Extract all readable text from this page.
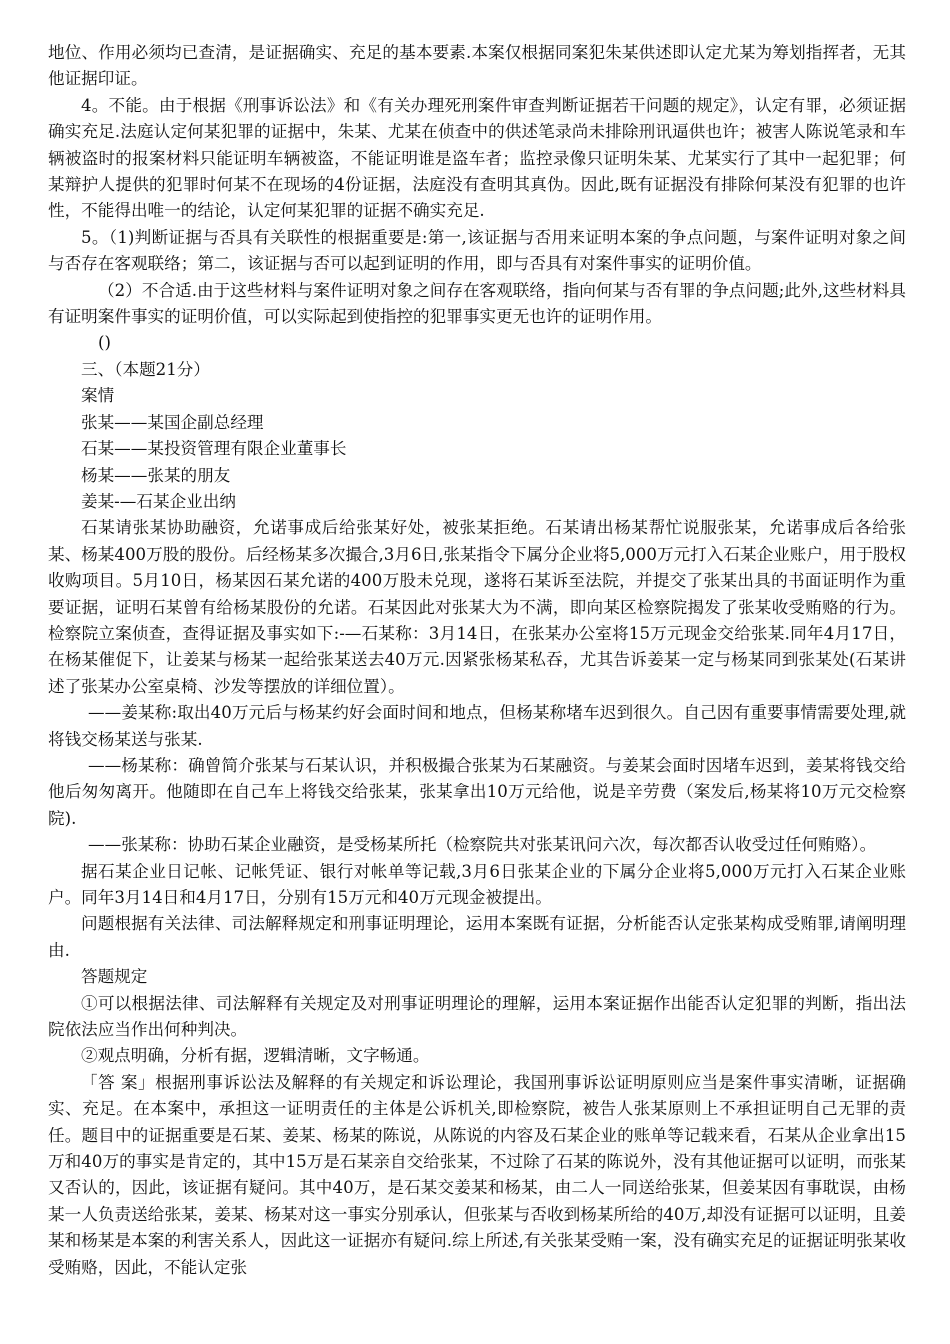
地位、作用必须均已查清，是证据确实、充足的基本要素.本案仅根据同案犯朱某供述即认定尤某为筹划指挥者，无其他证据印证。

4。不能。由于根据《刑事诉讼法》和《有关办理死刑案件审查判断证据若干问题的规定》，认定有罪，必须证据确实充足.法庭认定何某犯罪的证据中，朱某、尤某在侦查中的供述笔录尚未排除刑讯逼供也许；被害人陈说笔录和车辆被盗时的报案材料只能证明车辆被盗，不能证明谁是盗车者；监控录像只证明朱某、尤某实行了其中一起犯罪；何某辩护人提供的犯罪时何某不在现场的4份证据，法庭没有查明其真伪。因此,既有证据没有排除何某没有犯罪的也许性，不能得出唯一的结论，认定何某犯罪的证据不确实充足.

5。（1)判断证据与否具有关联性的根据重要是:第一,该证据与否用来证明本案的争点问题，与案件证明对象之间与否存在客观联络；第二，该证据与否可以起到证明的作用，即与否具有对案件事实的证明价值。

（2）不合适.由于这些材料与案件证明对象之间存在客观联络，指向何某与否有罪的争点问题;此外,这些材料具有证明案件事实的证明价值，可以实际起到使指控的犯罪事实更无也许的证明作用。

()

三、（本题21分）

案情

张某——某国企副总经理

石某——某投资管理有限企业董事长

杨某——张某的朋友

姜某-—石某企业出纳

石某请张某协助融资，允诺事成后给张某好处，被张某拒绝。石某请出杨某帮忙说服张某，允诺事成后各给张某、杨某400万股的股份。后经杨某多次撮合,3月6日,张某指令下属分企业将5,000万元打入石某企业账户，用于股权收购项目。5月10日，杨某因石某允诺的400万股未兑现，遂将石某诉至法院，并提交了张某出具的书面证明作为重要证据，证明石某曾有给杨某股份的允诺。石某因此对张某大为不满，即向某区检察院揭发了张某收受贿赂的行为。检察院立案侦查，查得证据及事实如下:-—石某称：3月14日，在张某办公室将15万元现金交给张某.同年4月17日，在杨某催促下，让姜某与杨某一起给张某送去40万元.因紧张杨某私吞，尤其告诉姜某一定与杨某同到张某处(石某讲述了张某办公室桌椅、沙发等摆放的详细位置）。

——姜某称:取出40万元后与杨某约好会面时间和地点，但杨某称堵车迟到很久。自己因有重要事情需要处理,就将钱交杨某送与张某.

——杨某称：确曾简介张某与石某认识，并积极撮合张某为石某融资。与姜某会面时因堵车迟到，姜某将钱交给他后匆匆离开。他随即在自己车上将钱交给张某，张某拿出10万元给他，说是辛劳费（案发后,杨某将10万元交检察院).

——张某称：协助石某企业融资，是受杨某所托（检察院共对张某讯问六次，每次都否认收受过任何贿赂）。

据石某企业日记帐、记帐凭证、银行对帐单等记载,3月6日张某企业的下属分企业将5,000万元打入石某企业账户。同年3月14日和4月17日，分别有15万元和40万元现金被提出。

问题根据有关法律、司法解释规定和刑事证明理论，运用本案既有证据，分析能否认定张某构成受贿罪,请阐明理由.

答题规定

①可以根据法律、司法解释有关规定及对刑事证明理论的理解，运用本案证据作出能否认定犯罪的判断，指出法院依法应当作出何种判决。

②观点明确，分析有据，逻辑清晰，文字畅通。

「答 案」根据刑事诉讼法及解释的有关规定和诉讼理论，我国刑事诉讼证明原则应当是案件事实清晰，证据确实、充足。在本案中，承担这一证明责任的主体是公诉机关,即检察院，被告人张某原则上不承担证明自己无罪的责任。题目中的证据重要是石某、姜某、杨某的陈说，从陈说的内容及石某企业的账单等记载来看，石某从企业拿出15万和40万的事实是肯定的，其中15万是石某亲自交给张某，不过除了石某的陈说外，没有其他证据可以证明，而张某又否认的，因此，该证据有疑问。其中40万，是石某交姜某和杨某，由二人一同送给张某，但姜某因有事耽误，由杨某一人负责送给张某，姜某、杨某对这一事实分别承认，但张某与否收到杨某所给的40万,却没有证据可以证明，且姜某和杨某是本案的利害关系人，因此这一证据亦有疑问.综上所述,有关张某受贿一案，没有确实充足的证据证明张某收受贿赂，因此，不能认定张
